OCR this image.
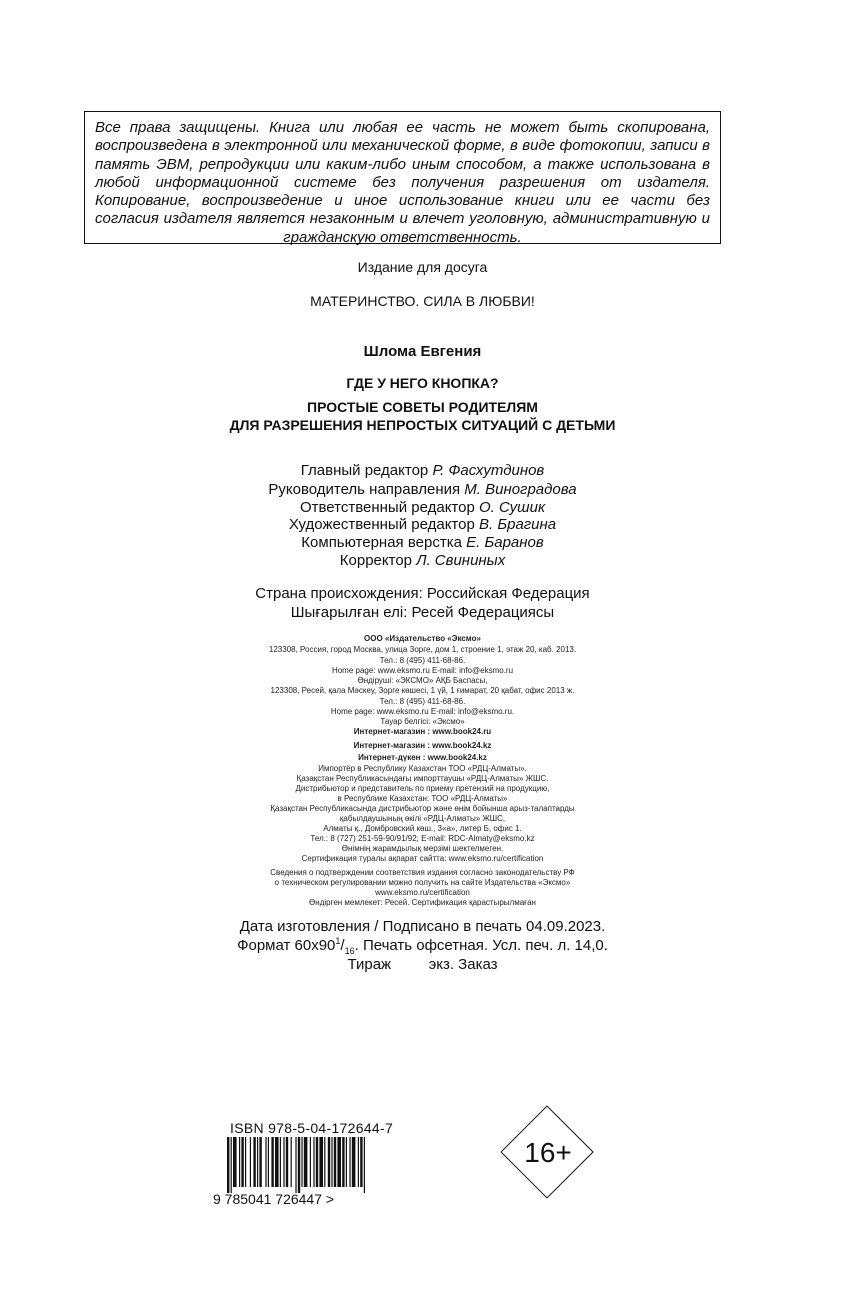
Все права защищены. Книга или любая ее часть не может быть скопирована, воспроизведена в электронной или механической форме, в виде фотокопии, записи в память ЭВМ, репродукции или каким-либо иным способом, а также использована в любой информационной системе без получения разрешения от издателя. Копирование, воспроизведение и иное использование книги или ее части без согласия издателя является незаконным и влечет уголовную, административную и гражданскую ответственность.
Издание для досуга
МАТЕРИНСТВО. СИЛА В ЛЮБВИ!
Шлома Евгения
ГДЕ У НЕГО КНОПКА?
ПРОСТЫЕ СОВЕТЫ РОДИТЕЛЯМ
ДЛЯ РАЗРЕШЕНИЯ НЕПРОСТЫХ СИТУАЦИЙ С ДЕТЬМИ
Главный редактор Р. Фасхутдинов
Руководитель направления М. Виноградова
Ответственный редактор О. Сушик
Художественный редактор В. Брагина
Компьютерная верстка Е. Баранов
Корректор Л. Свининых
Страна происхождения: Российская Федерация
Шығарылған елі: Ресей Федерациясы
ООО «Издательство «Эксмо»
123308, Россия, город Москва, улица Зорге, дом 1, строение 1, этаж 20, каб. 2013.
Тел.: 8 (495) 411-68-86.
Home page: www.eksmo.ru E-mail: info@eksmo.ru
Өндіруші: «ЭКСМО» АҚБ Баспасы,
123308, Ресей, қала Мәскеу, Зорге көшесі, 1 үй, 1 ғимарат, 20 қабат, офис 2013 ж.
Тел.: 8 (495) 411-68-86.
Home page: www.eksmo.ru E-mail: info@eksmo.ru.
Тауар белгісі: «Эксмо»
Интернет-магазин : www.book24.ru
Интернет-магазин : www.book24.kz
Интернет-дүкен : www.book24.kz
Импортёр в Республику Казахстан ТОО «РДЦ-Алматы».
Қазақстан Республикасындағы импорттаушы «РДЦ-Алматы» ЖШС.
Дистрибьютор и представитель по приему претензий на продукцию,
в Республике Казахстан: ТОО «РДЦ-Алматы»
Қазақстан Республикасында дистрибьютор және өнім бойынша арыз-талаптарды
қабылдаушының өкілі «РДЦ-Алматы» ЖШС,
Алматы қ., Домбровский көш., 3«а», литер Б, офис 1.
Тел.: 8 (727) 251-59-90/91/92; E-mail: RDC-Almaty@eksmo.kz
Өнімнің жарамдылық мерзімі шектелмеген.
Сертификация туралы ақпарат сайтта: www.eksmo.ru/certification
Сведения о подтверждении соответствия издания согласно законодательству РФ
о техническом регулировании можно получить на сайте Издательства «Эксмо»
www.eksmo.ru/certification
Өндірген мемлекет: Ресей. Сертификация қарастырылмаған
Дата изготовления / Подписано в печать 04.09.2023.
Формат $60х90^1/_{16}$. Печать офсетная. Усл. печ. л. 14,0.
Тираж         экз. Заказ
ISBN 978-5-04-172644-7
9 785041 726447 >
16+
